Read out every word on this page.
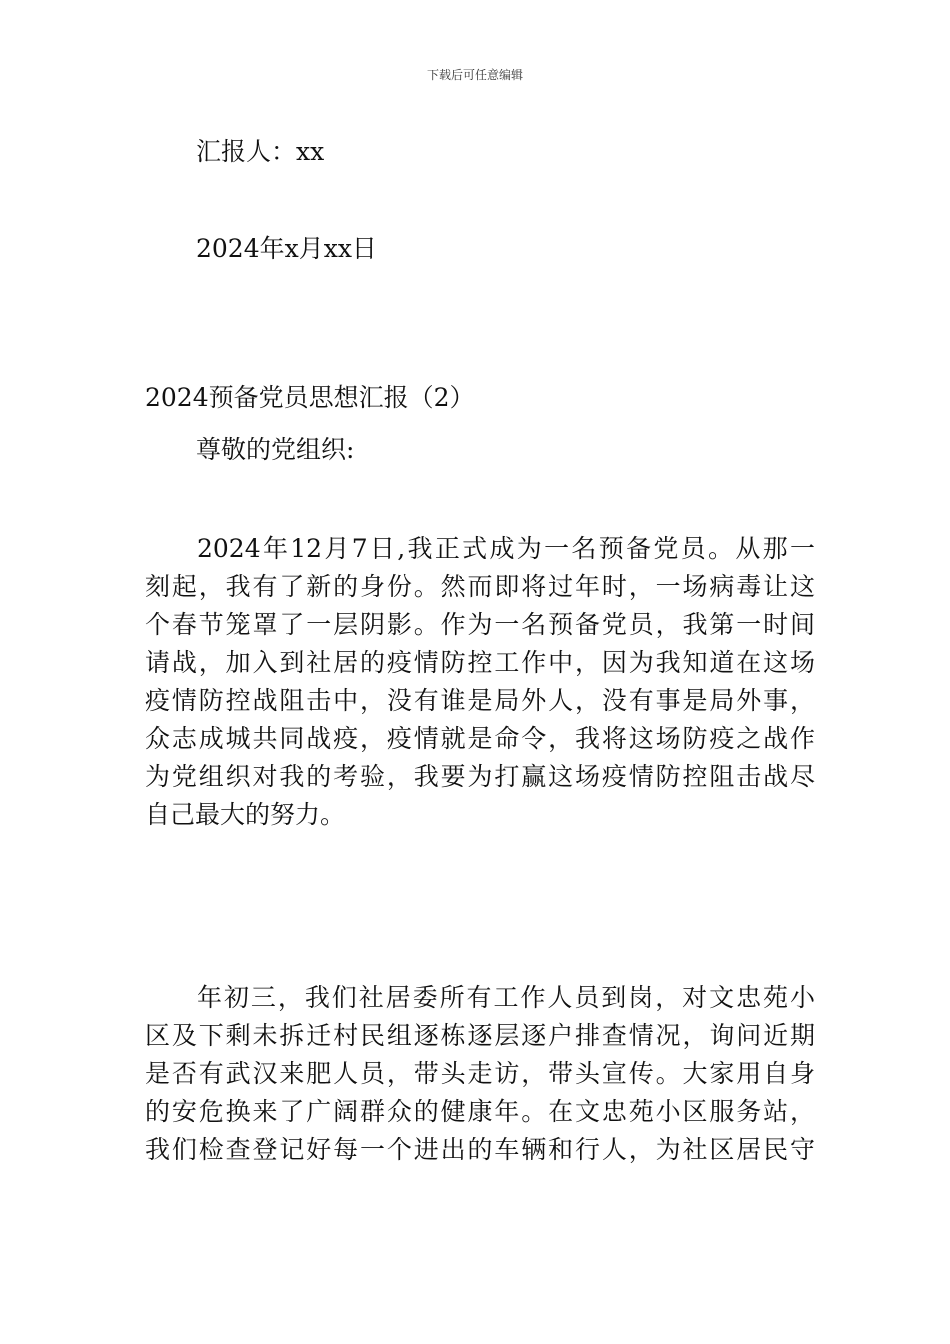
下载后可任意编辑
汇报人：xx
2024年x月xx日
2024预备党员思想汇报（2）
尊敬的党组织:
2024年12月7日,我正式成为一名预备党员。从那一
刻起，我有了新的身份。然而即将过年时，一场病毒让这
个春节笼罩了一层阴影。作为一名预备党员，我第一时间
请战，加入到社居的疫情防控工作中，因为我知道在这场
疫情防控战阻击中，没有谁是局外人，没有事是局外事，
众志成城共同战疫，疫情就是命令，我将这场防疫之战作
为党组织对我的考验，我要为打赢这场疫情防控阻击战尽
自己最大的努力。
年初三，我们社居委所有工作人员到岗，对文忠苑小
区及下剩未拆迁村民组逐栋逐层逐户排查情况，询问近期
是否有武汉来肥人员，带头走访，带头宣传。大家用自身
的安危换来了广阔群众的健康年。在文忠苑小区服务站，
我们检查登记好每一个进出的车辆和行人，为社区居民守
